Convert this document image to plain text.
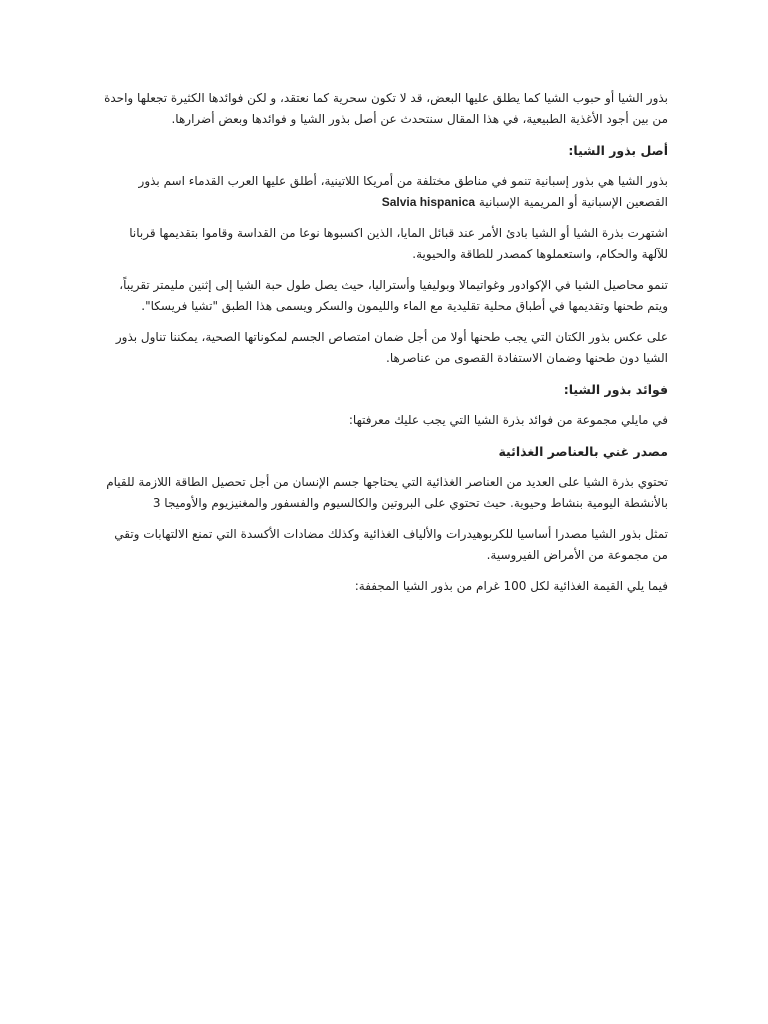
بذور الشيا أو حبوب الشيا كما يطلق عليها البعض، قد لا تكون سحرية كما نعتقد، و لكن فوائدها الكثيرة تجعلها واحدة من بين أجود الأغذية الطبيعية، في هذا المقال سنتحدث عن أصل بذور الشيا و فوائدها وبعض أضرارها.

أصل بذور الشيا:

بذور الشيا هي بذور إسبانية تنمو في مناطق مختلفة من أمريكا اللاتينية، أطلق عليها العرب القدماء اسم بذور القصعين الإسبانية أو المريمية الإسبانية Salvia hispanica

اشتهرت بذرة الشيا أو الشيا بادئ الأمر عند قبائل المايا، الذين اكسبوها نوعا من القداسة وقاموا بتقديمها قربانا للآلهة والحكام، واستعملوها كمصدر للطاقة والحيوية.

تنمو محاصيل الشيا في الإكوادور وغواتيمالا وبوليفيا وأستراليا، حيث يصل طول حبة الشيا إلى إثنين مليمتر تقريباً، ويتم طحنها وتقديمها في أطباق محلية تقليدية مع الماء والليمون والسكر ويسمى هذا الطبق "تشيا فريسكا".

على عكس بذور الكتان التي يجب طحنها أولا من أجل ضمان امتصاص الجسم لمكوناتها الصحية، يمكننا تناول بذور الشيا دون طحنها وضمان الاستفادة القصوى من عناصرها.

فوائد بذور الشيا:

في مايلي مجموعة من فوائد بذرة الشيا التي يجب عليك معرفتها:

مصدر غني بالعناصر الغذائية

تحتوي بذرة الشيا على العديد من العناصر الغذائية التي يحتاجها جسم الإنسان من أجل تحصيل الطاقة اللازمة للقيام بالأنشطة اليومية بنشاط وحيوية. حيث تحتوي على البروتين والكالسيوم والفسفور والمغنيزيوم والأوميجا 3

تمثل بذور الشيا مصدرا أساسيا للكربوهيدرات والألياف الغذائية وكذلك مضادات الأكسدة التي تمنع الالتهابات وتقي من مجموعة من الأمراض الفيروسية.

فيما يلي القيمة الغذائية لكل 100 غرام من بذور الشيا المجففة:
